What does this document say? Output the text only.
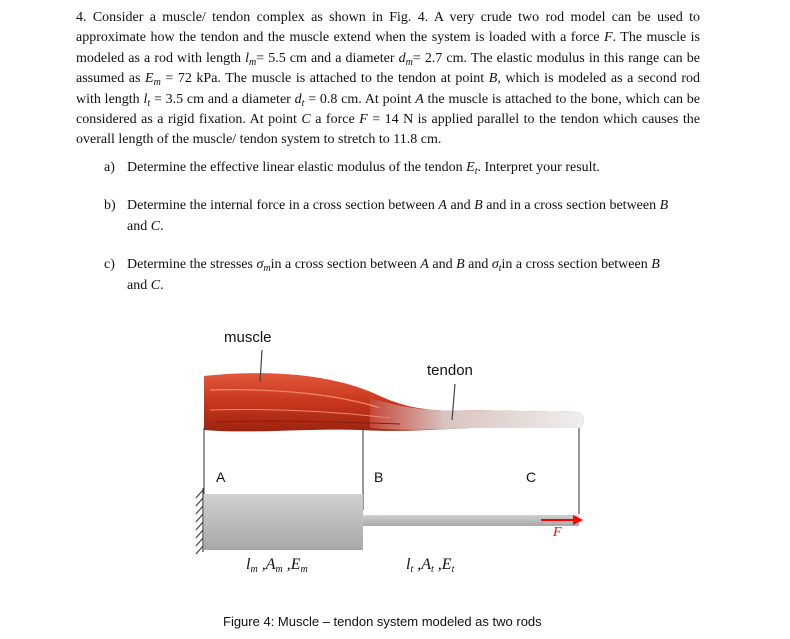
4. Consider a muscle/ tendon complex as shown in Fig. 4. A very crude two rod model can be used to approximate how the tendon and the muscle extend when the system is loaded with a force F. The muscle is modeled as a rod with length $l_m= 5.5$ cm and a diameter $d_m= 2.7$ cm. The elastic modulus in this range can be assumed as $E_m = 72$ kPa. The muscle is attached to the tendon at point B, which is modeled as a second rod with length $l_t = 3.5$ cm and a diameter $d_t = 0.8$ cm. At point A the muscle is attached to the bone, which can be considered as a rigid fixation. At point C a force F = 14 N is applied parallel to the tendon which causes the overall length of the muscle/ tendon system to stretch to 11.8 cm.
a) Determine the effective linear elastic modulus of the tendon $E_t$. Interpret your result.
b) Determine the internal force in a cross section between A and B and in a cross section between B
and C.
c) Determine the stresses $\sigma_min$ a cross section between A and B and $\sigma_tin$ a cross section between B
and C.
muscle
tendon
A	B	C
F
$l_m$ $,A_m$ $,E_m$	$l_t$ $,A_t$ $,E_t$
Figure 4: Muscle – tendon system modeled as two rods
